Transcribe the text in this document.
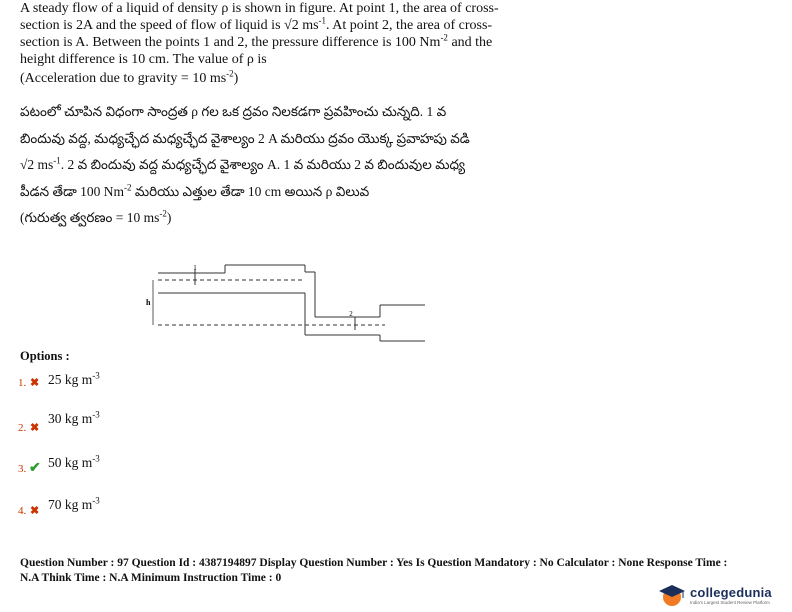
A steady flow of a liquid of density ρ is shown in figure. At point 1, the area of cross-

section is 2A and the speed of flow of liquid is √2 $ms^{-1}$. At point 2, the area of cross-

section is A. Between the points 1 and 2, the pressure difference is 100 $Nm^{-2}$ and the

height difference is 10 cm. The value of ρ is

(Acceleration due to gravity = 10 $ms^{-2}$)

పటంలో చూపిన విధంగా సాంద్రత ρ గల ఒక ద్రవం నిలకడగా ప్రవహించు చున్నది. 1 వ

బిందువు వద్ద, మధ్యచ్ఛేద మధ్యచ్ఛేద వైశాల్యం 2 A మరియు ద్రవం యొక్క ప్రవాహపు వడి

√2 $ms^{-1}$. 2 వ బిందువు వద్ద మధ్యచ్ఛేద వైశాల్యం A. 1 వ మరియు 2 వ బిందువుల మధ్య

పీడన తేడా 100 $Nm^{-2}$ మరియు ఎత్తుల తేడా 10 cm అయిన ρ విలువ

(గురుత్వ త్వరణం = 10 $ms^{-2}$)

1
2
h
Options :
1. ✖ 25 kg $m^{-3}$
2. ✖
30 kg $m^{-3}$
3. ✔ 50 kg $m^{-3}$
4. ✖ 70 kg $m^{-3}$
Question Number : 97 Question Id : 4387194897 Display Question Number : Yes Is Question Mandatory : No Calculator : None Response Time :
N.A Think Time : N.A Minimum Instruction Time : 0
collegedunia
India's Largest Student Review Platform
